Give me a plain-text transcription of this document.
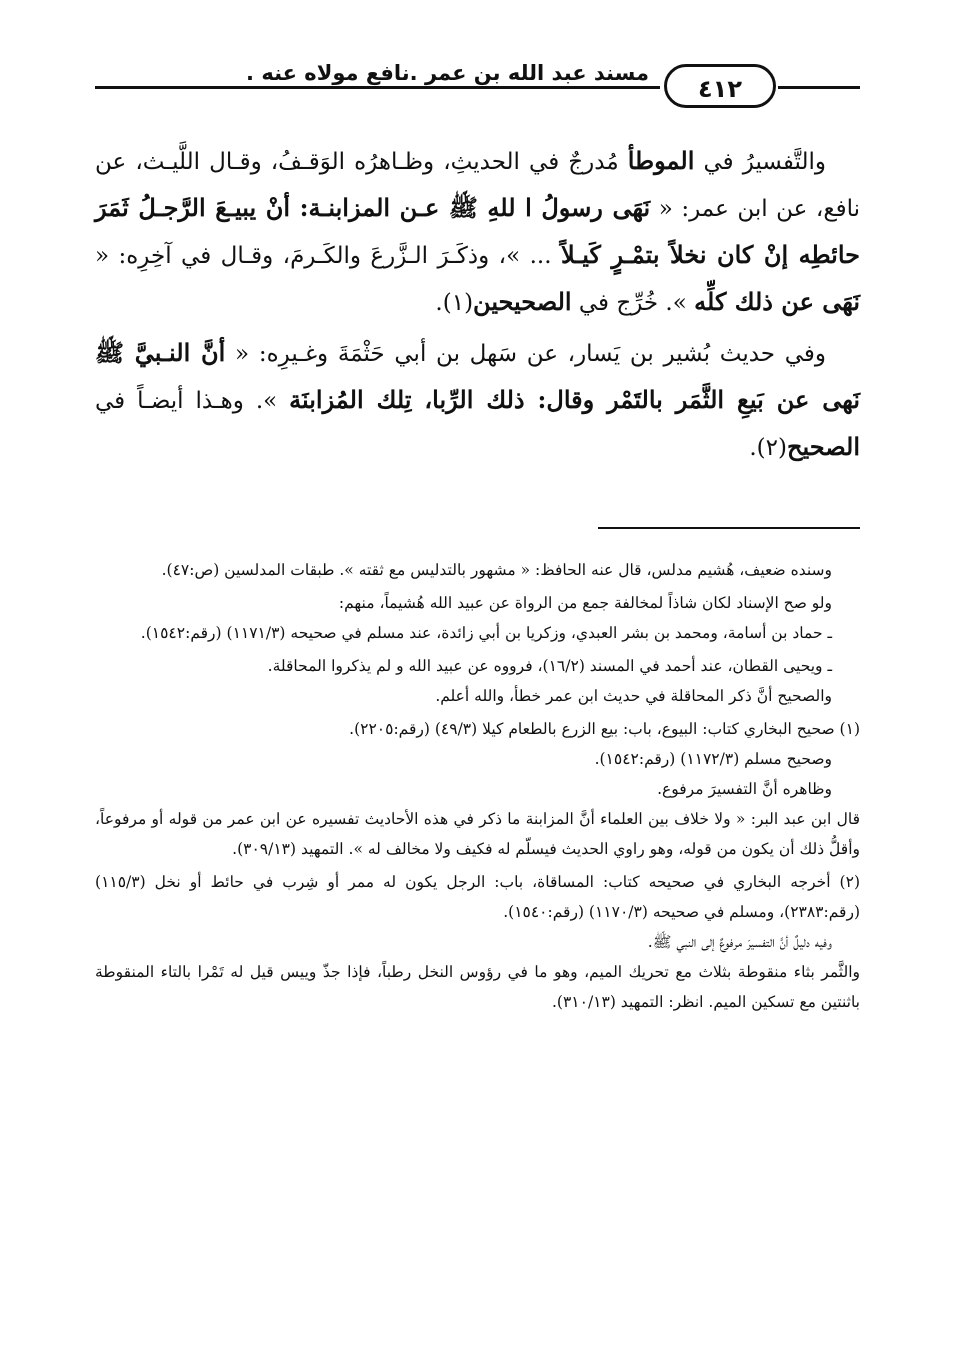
٤١٢
مسند عبد الله بن عمر .نافع مولاه عنه .

والتَّفسيرُ في الموطأ مُدرجٌ في الحديثِ، وظـاهرُه الوَقـفُ، وقـال اللَّيـث، عن نافع، عن ابن عمر: « نَهَى رسولُ ا للهِ ﷺ عـن المزابنـة: أنْ يبيـعَ الرَّجـلُ ثَمَرَ حائطِه إنْ كان نخلاً بتمْـرٍ كَيـلاً ... »، وذكَـرَ الـزَّرعَ والكَـرمَ، وقـال في آخِرِه: « نَهَى عن ذلك كلِّه ». خُرِّج في الصحيحين(١).

وفي حديث بُشير بن يَسار، عن سَهل بن أبي حَثْمَةَ وغـيرِه: « أنَّ النـبيَّ ﷺ نَهى عن بَيعِ الثَّمَر بالتَمْر وقال: ذلك الرِّبا، تِلك المُزابنَة ». وهـذا أيضـاً في الصحيح(٢).

وسنده ضعيف، هُشيم مدلس، قال عنه الحافظ: « مشهور بالتدليس مع ثقته ». طبقات المدلسين (ص:٤٧).

ولو صح الإسناد لكان شاذاً لمخالفة جمع من الرواة عن عبيد الله هُشيماً، منهم:

ـ حماد بن أسامة، ومحمد بن بشر العبدي، وزكريا بن أبي زائدة، عند مسلم في صحيحه (١١٧١/٣) (رقم:١٥٤٢).

ـ ويحيى القطان، عند أحمد في المسند (١٦/٢)، فرووه عن عبيد الله و لم يذكروا المحاقلة.

والصحيح أنَّ ذكر المحاقلة في حديث ابن عمر خطأ، والله أعلم.

(١) صحيح البخاري كتاب: البيوع، باب: بيع الزرع بالطعام كيلا (٤٩/٣) (رقم:٢٢٠٥).

وصحيح مسلم (١١٧٢/٣) (رقم:١٥٤٢).

وظاهره أنَّ التفسيرَ مرفوع.

قال ابن عبد البر: « ولا خلاف بين العلماء أنَّ المزابنة ما ذكر في هذه الأحاديث تفسيره عن ابن عمر من قوله أو مرفوعاً، وأقلُّ ذلك أن يكون من قوله، وهو راوي الحديث فيسلّم له فكيف ولا مخالف له ». التمهيد (٣٠٩/١٣).

(٢) أخرجه البخاري في صحيحه كتاب: المساقاة، باب: الرجل يكون له ممر أو شِرب في حائط أو نخل (١١٥/٣) (رقم:٢٣٨٣)، ومسلم في صحيحه (١١٧٠/٣) (رقم:١٥٤٠).

وفيه دليلٌ أنَّ التفسيرَ مرفوعٌ إلى النبي ﷺ.

والثَّمر بثاء منقوطة بثلاث مع تحريك الميم، وهو ما في رؤوس النخل رطباً، فإذا جذّ وييس قيل له تَمْرا بالتاء المنقوطة باثنتين مع تسكين الميم. انظر: التمهيد (٣١٠/١٣).
